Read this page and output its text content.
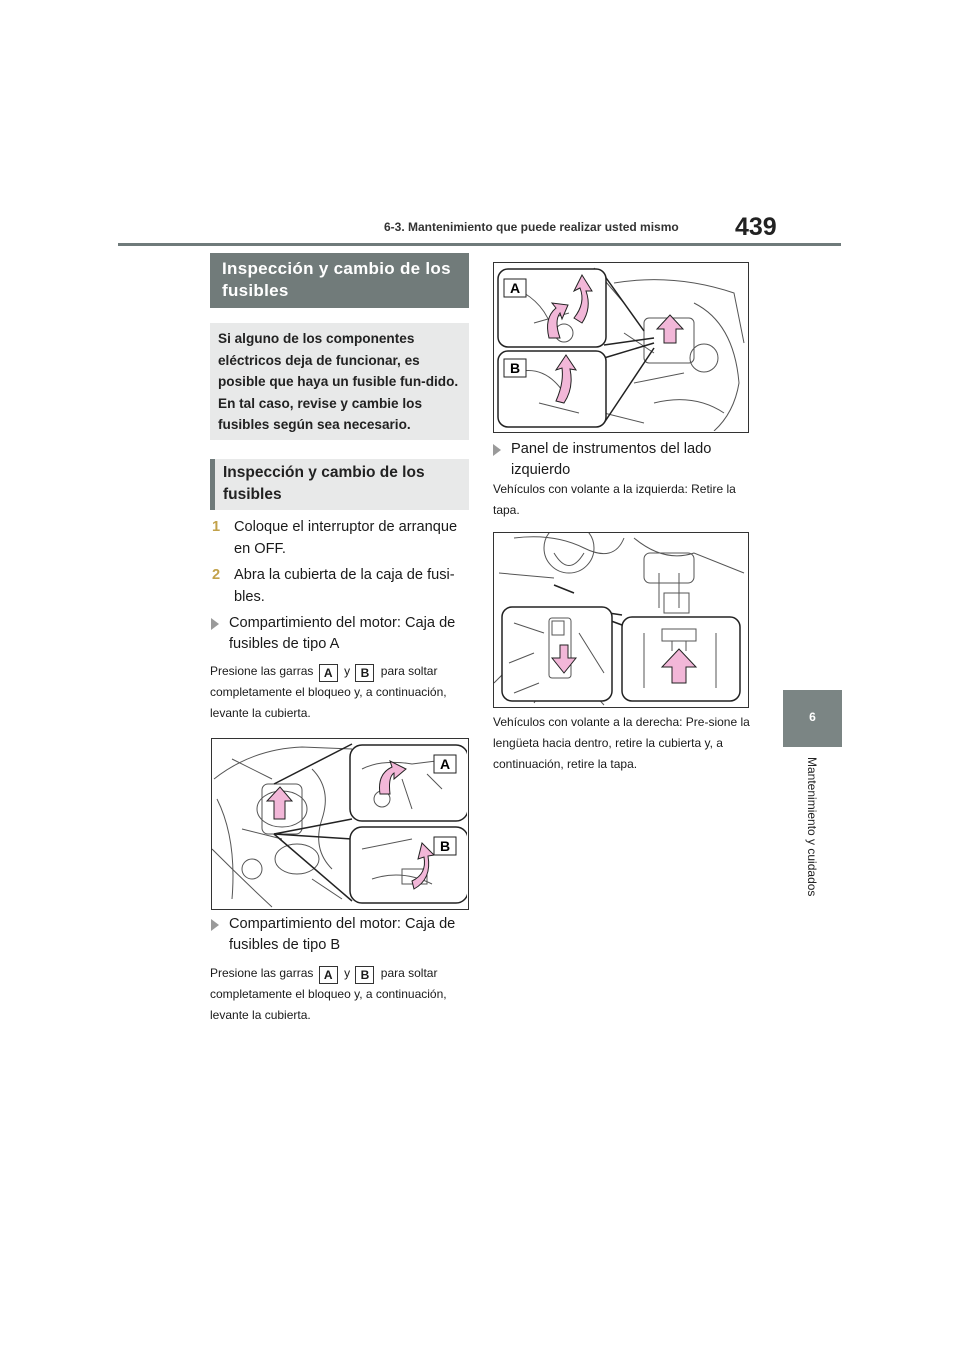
6-3. Mantenimiento que puede realizar usted mismo 439
6
Mantenimiento y cuidados
Inspección y cambio de los fusibles
Si alguno de los componentes eléctricos deja de funcionar, es posible que haya un fusible fun-dido. En tal caso, revise y cambie los fusibles según sea necesario.
Inspección y cambio de los fusibles
1 Coloque el interruptor de arranque en OFF.
2 Abra la cubierta de la caja de fusi-bles.
Compartimiento del motor: Caja de fusibles de tipo A
Presione las garras A y B para soltar
completamente el bloqueo y, a continuación, levante la cubierta.
A
B
Compartimiento del motor: Caja de fusibles de tipo B
Presione las garras A y B para soltar
completamente el bloqueo y, a continuación, levante la cubierta.
A
B
Panel de instrumentos del lado izquierdo
Vehículos con volante a la izquierda: Retire la tapa.
Vehículos con volante a la derecha: Pre-sione la lengüeta hacia dentro, retire la cubierta y, a continuación, retire la tapa.
